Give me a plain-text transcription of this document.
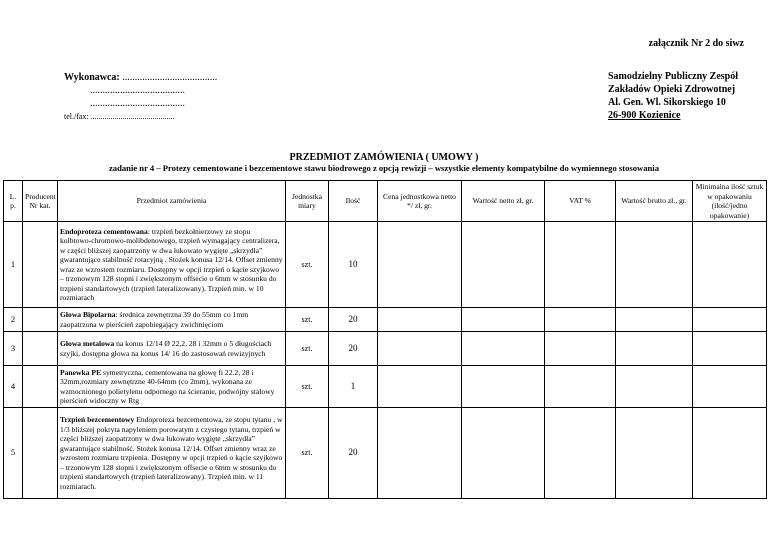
załącznik Nr 2 do siwz
Wykonawca: ......................................
......................................
......................................
tel./fax: ..........................................
Samodzielny Publiczny Zespół
Zakładów Opieki Zdrowotnej
Al. Gen. Wl. Sikorskiego 10
26-900 Kozienice
PRZEDMIOT ZAMÓWIENIA ( UMOWY )
zadanie nr 4 – Protezy cementowane i bezcementowe stawu biodrowego z opcją rewizji – wszystkie elementy kompatybilne do wymiennego stosowania
L. p.	Producent Nr kat.	Przedmiot zamówienia	Jednostka miary	Ilość	Cena jednostkowa netto */ zł, gr.	Wartość netto zł, gr.	VAT %	Wartość brutto zł., gr.	Minimalna ilość sztuk w opakowaniu (ilość/jedno opakowanie)
1		Endoproteza cementowana: trzpień bezkołnierzowy ze stopu kolbtowo-chromowo-molibdenowego, trzpień wymagający centralizera, w części bliższej zaopatrzony w dwa łukowato wygięte „skrzydła” gwarantujące stabilność rotacyjną . Stożek konusa 12/14. Offset zmienny wraz ze wzrostem rozmiaru. Dostępny w opcji trzpień o kącie szyjkowo – trzonowym 128 stopni i zwiększonym offsecie o 6mm w stosunku do trzpieni standartowych (trzpień lateralizowany). Trzpień min. w 10 rozmiarach	szt.	10					
2		Głowa Bipolarna: średnica zewnętrzna 39 do 55mm co 1mm zaopatrzona w pierścień zapobiegający zwichnięciom	szt.	20					
3		Głowa metalowa na konus 12/14 Ø 22,2, 28 i 32mm o 5 długościach szyjki, dostępna głowa na konus 14/ 16 do zastosowań rewizyjnych	szt.	20					
4		Panewka PE symetryczna, cementowana na głowę fi 22.2, 28 i 32mm,rozmiary zewnętrzne 40-64mm (co 2mm), wykonana ze wzmocnionego polietylenu odpornego na ścieranie, podwójny stalowy pierścień widoczny w Rtg	szt.	1					
5		Trzpień bezcementowy Endoproteza bezcementowa, ze stopu tytanu , w 1/3 bliższej pokryta napyleniem porowatym z czystego tytanu, trzpień w części bliższej zaopatrzony w dwa łukowato wygięte „skrzydła” gwarantujące stabilność. Stożek konusa 12/14. Offset zmienny wraz ze wzrostem rozmiaru trzpienia. Dostępny w opcji trzpień o kącie szyjkowo – trzonowym 128 stopni i zwiększonym offsecie o 6mm w stosunku do trzpieni standartowych (trzpień lateralizowany). Trzpień min. w 11 rozmiarach.	szt.	20					
